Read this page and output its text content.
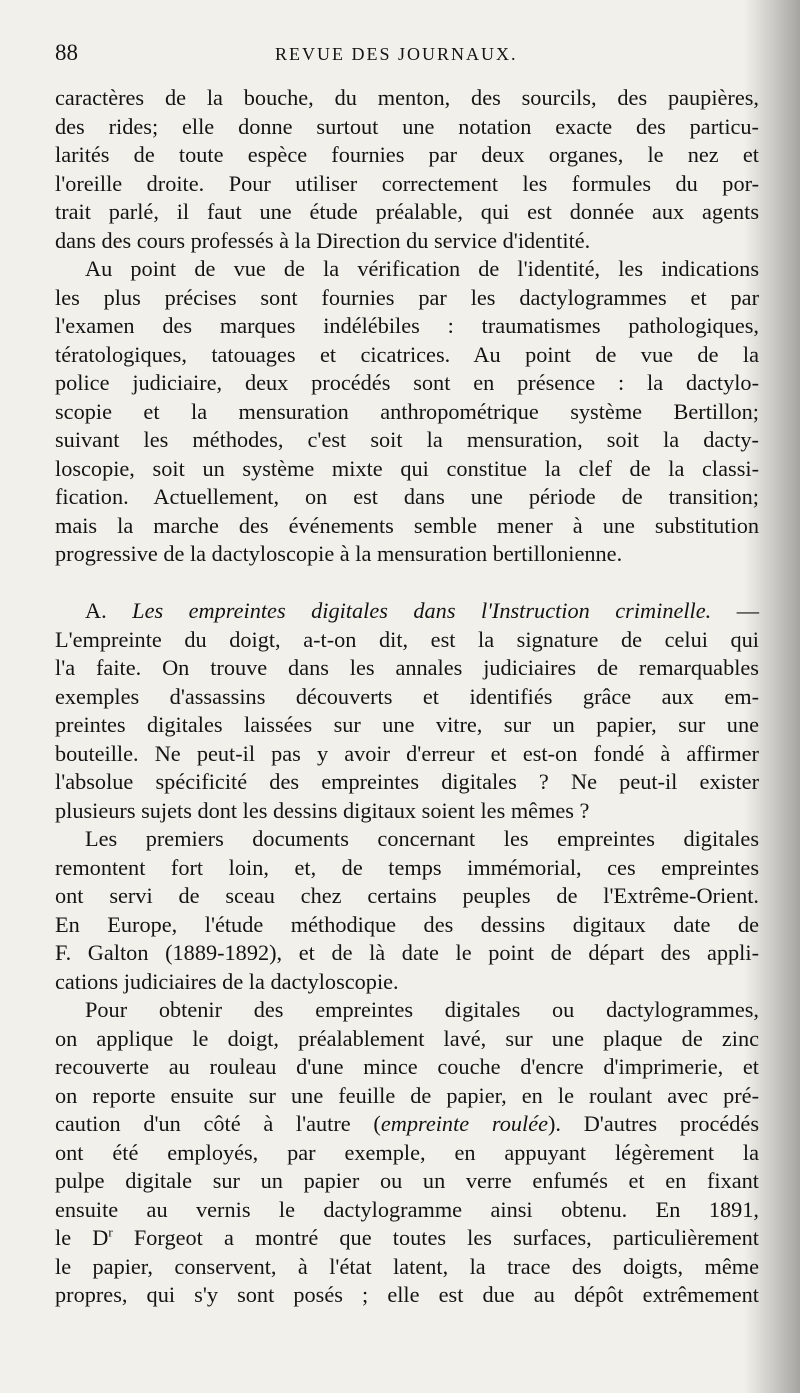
88	REVUE DES JOURNAUX.
caractères de la bouche, du menton, des sourcils, des paupières,
des rides; elle donne surtout une notation exacte des particu-
larités de toute espèce fournies par deux organes, le nez et
l'oreille droite. Pour utiliser correctement les formules du por-
trait parlé, il faut une étude préalable, qui est donnée aux agents
dans des cours professés à la Direction du service d'identité.
Au point de vue de la vérification de l'identité, les indications
les plus précises sont fournies par les dactylogrammes et par
l'examen des marques indélébiles : traumatismes pathologiques,
tératologiques, tatouages et cicatrices. Au point de vue de la
police judiciaire, deux procédés sont en présence : la dactylo-
scopie et la mensuration anthropométrique système Bertillon;
suivant les méthodes, c'est soit la mensuration, soit la dacty-
loscopie, soit un système mixte qui constitue la clef de la classi-
fication. Actuellement, on est dans une période de transition;
mais la marche des événements semble mener à une substitution
progressive de la dactyloscopie à la mensuration bertillonienne.
A. Les empreintes digitales dans l'Instruction criminelle. —
L'empreinte du doigt, a-t-on dit, est la signature de celui qui
l'a faite. On trouve dans les annales judiciaires de remarquables
exemples d'assassins découverts et identifiés grâce aux em-
preintes digitales laissées sur une vitre, sur un papier, sur une
bouteille. Ne peut-il pas y avoir d'erreur et est-on fondé à affirmer
l'absolue spécificité des empreintes digitales ? Ne peut-il exister
plusieurs sujets dont les dessins digitaux soient les mêmes ?
Les premiers documents concernant les empreintes digitales
remontent fort loin, et, de temps immémorial, ces empreintes
ont servi de sceau chez certains peuples de l'Extrême-Orient.
En Europe, l'étude méthodique des dessins digitaux date de
F. Galton (1889-1892), et de là date le point de départ des appli-
cations judiciaires de la dactyloscopie.
Pour obtenir des empreintes digitales ou dactylogrammes,
on applique le doigt, préalablement lavé, sur une plaque de zinc
recouverte au rouleau d'une mince couche d'encre d'imprimerie, et
on reporte ensuite sur une feuille de papier, en le roulant avec pré-
caution d'un côté à l'autre (empreinte roulée). D'autres procédés
ont été employés, par exemple, en appuyant légèrement la
pulpe digitale sur un papier ou un verre enfumés et en fixant
ensuite au vernis le dactylogramme ainsi obtenu. En 1891,
le $D^r$ Forgeot a montré que toutes les surfaces, particulièrement
le papier, conservent, à l'état latent, la trace des doigts, même
propres, qui s'y sont posés ; elle est due au dépôt extrêmement
